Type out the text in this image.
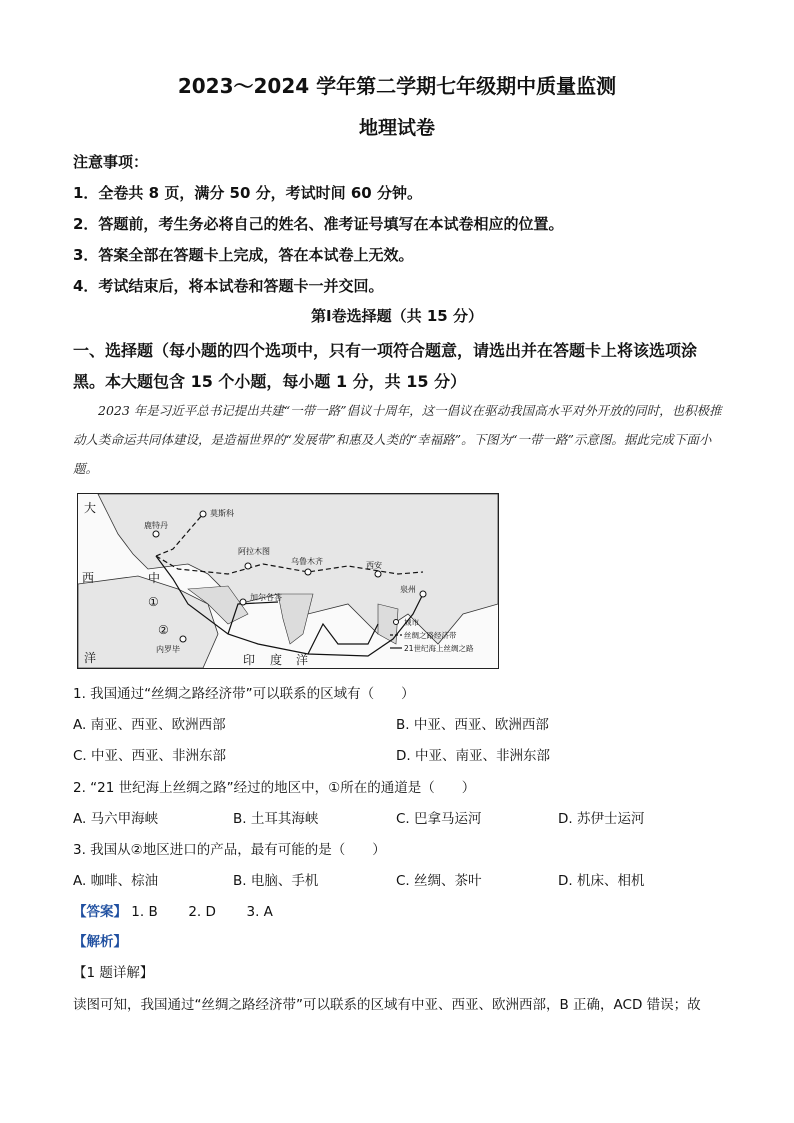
2023～2024 学年第二学期七年级期中质量监测
地理试卷
注意事项：
1．全卷共 8 页，满分 50 分，考试时间 60 分钟。
2．答题前，考生务必将自己的姓名、准考证号填写在本试卷相应的位置。
3．答案全部在答题卡上完成，答在本试卷上无效。
4．考试结束后，将本试卷和答题卡一并交回。
第Ⅰ卷选择题（共 15 分）
一、选择题（每小题的四个选项中，只有一项符合题意，请选出并在答题卡上将该选项涂
黑。本大题包含 15 个小题，每小题 1 分，共 15 分）
2023 年是习近平总书记提出共建“一带一路”倡议十周年，这一倡议在驱动我国高水平对外开放的同时，也积极推动人类命运共同体建设，是造福世界的“发展带”和惠及人类的“幸福路”。下图为“一带一路”示意图。据此完成下面小题。
莫斯科
鹿特丹
阿拉木图
乌鲁木齐	西安
泉州
加尔各答
内罗毕
大
西
洋	印 度 洋
中
①
②
城市
丝绸之路经济带
21世纪海上丝绸之路
1. 我国通过“丝绸之路经济带”可以联系的区域有（　　）
A. 南亚、西亚、欧洲西部	B. 中亚、西亚、欧洲西部
C. 中亚、西亚、非洲东部	D. 中亚、南亚、非洲东部
2. “21 世纪海上丝绸之路”经过的地区中，①所在的通道是（　　）
A. 马六甲海峡	B. 土耳其海峡	C. 巴拿马运河	D. 苏伊士运河
3. 我国从②地区进口的产品，最有可能的是（　　）
A. 咖啡、棕油	B. 电脑、手机	C. 丝绸、茶叶	D. 机床、相机
【答案】 1. B 2. D 3. A
【解析】
【1 题详解】
读图可知，我国通过“丝绸之路经济带”可以联系的区域有中亚、西亚、欧洲西部，B 正确，ACD 错误；故
